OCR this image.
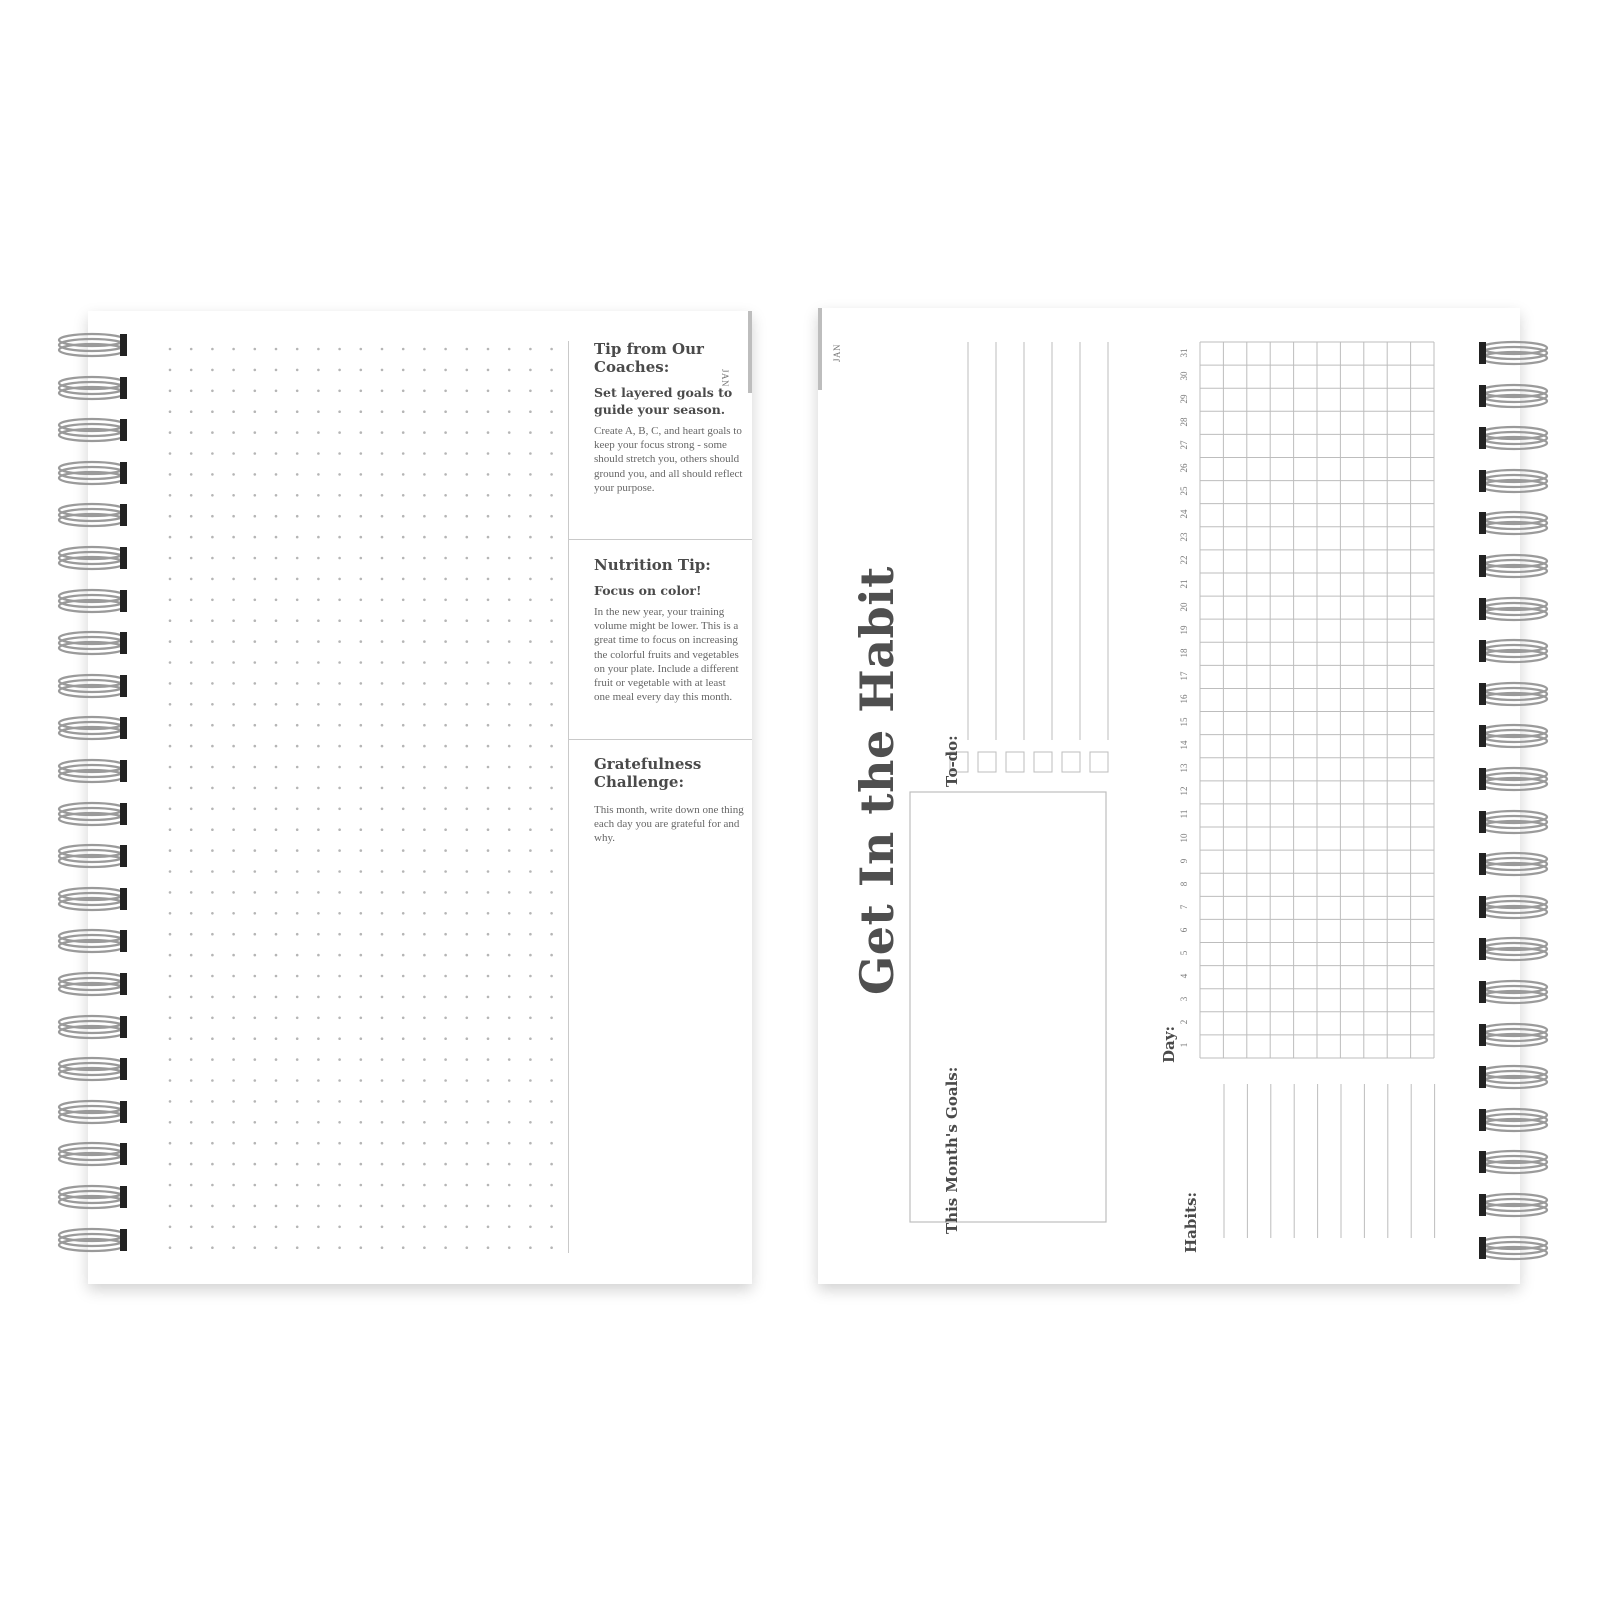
JAN

Tip from Our Coaches:

Set layered goals to guide your season.

Create A, B, C, and heart goals to keep your focus strong - some should stretch you, others should ground you, and all should reflect your purpose.

Nutrition Tip:

Focus on color!

In the new year, your training volume might be lower. This is a great time to focus on increasing the colorful fruits and vegetables on your plate. Include a different fruit or vegetable with at least one meal every day this month.

Gratefulness Challenge:

This month, write down one thing each day you are grateful for and why.

JAN
Get In the Habit
This Month's Goals:
To-do:
Day:
Habits:
1
2
3
4
5
6
7
8
9
10
11
12
13
14
15
16
17
18
19
20
21
22
23
24
25
26
27
28
29
30
31
